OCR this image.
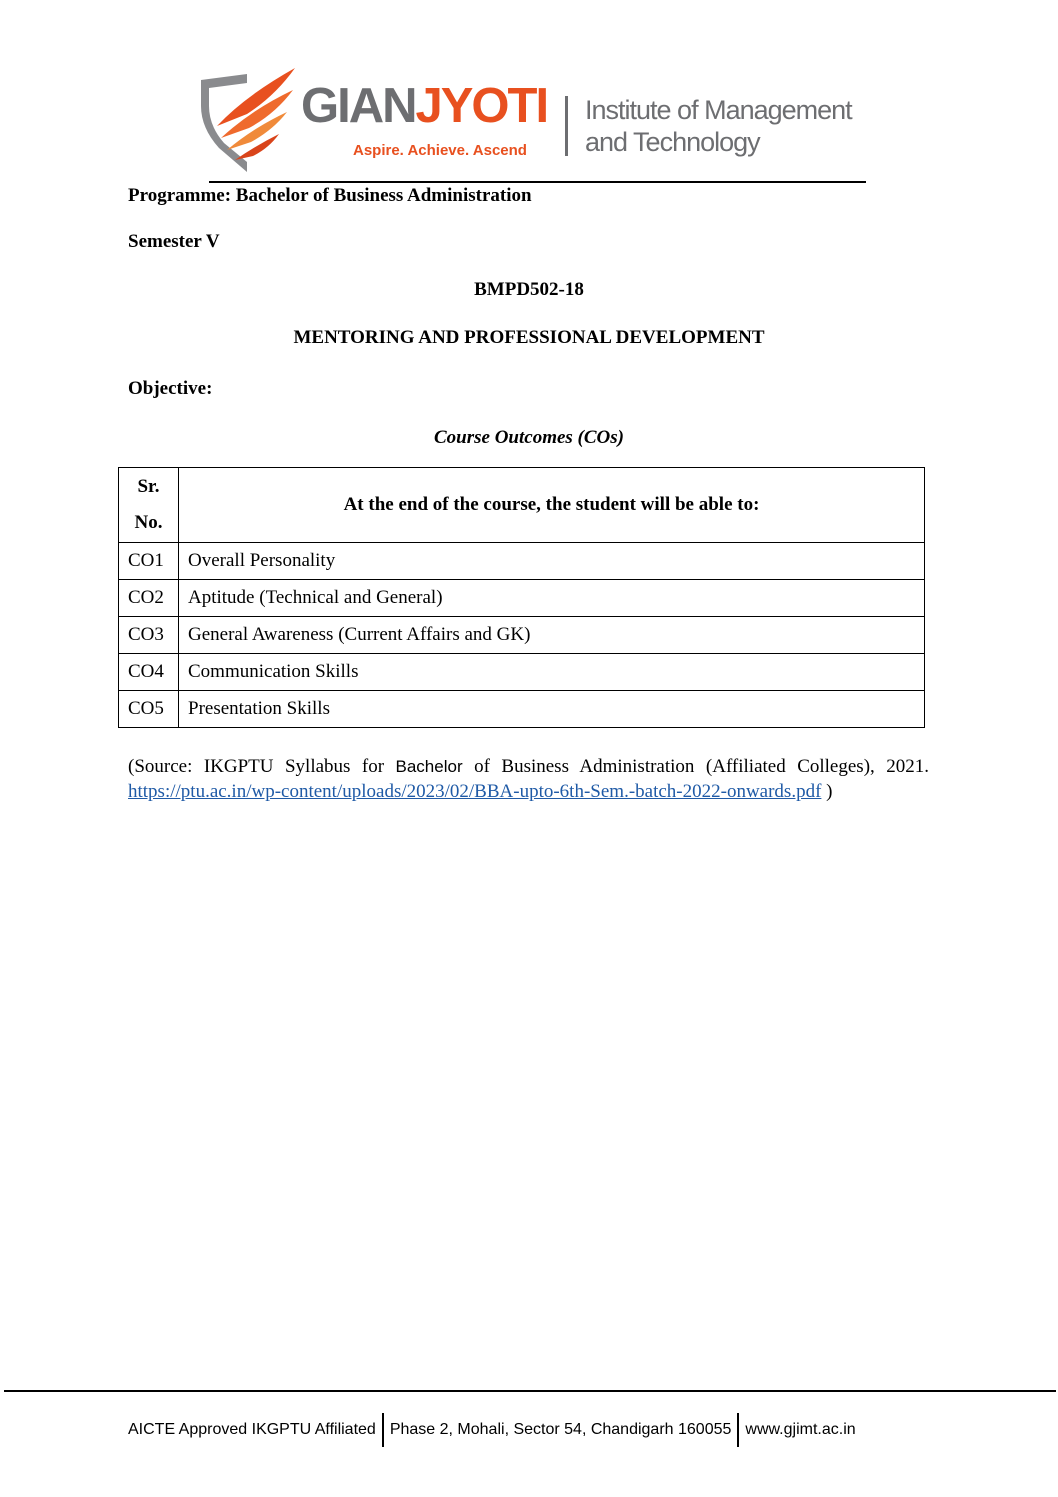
GIANJYOTI
Aspire. Achieve. Ascend
Institute of Management
and Technology
Programme: Bachelor of Business Administration
Semester V
BMPD502-18
MENTORING AND PROFESSIONAL DEVELOPMENT
Objective:
Course Outcomes (COs)
Sr.
No.	At the end of the course, the student will be able to:
CO1	Overall Personality
CO2	Aptitude (Technical and General)
CO3	General Awareness (Current Affairs and GK)
CO4	Communication Skills
CO5	Presentation Skills
(Source: IKGPTU Syllabus for Bachelor of Business Administration (Affiliated Colleges), 2021.
https://ptu.ac.in/wp-content/uploads/2023/02/BBA-upto-6th-Sem.-batch-2022-onwards.pdf )
AICTE Approved IKGPTU Affiliated Phase 2, Mohali, Sector 54, Chandigarh 160055 www.gjimt.ac.in
